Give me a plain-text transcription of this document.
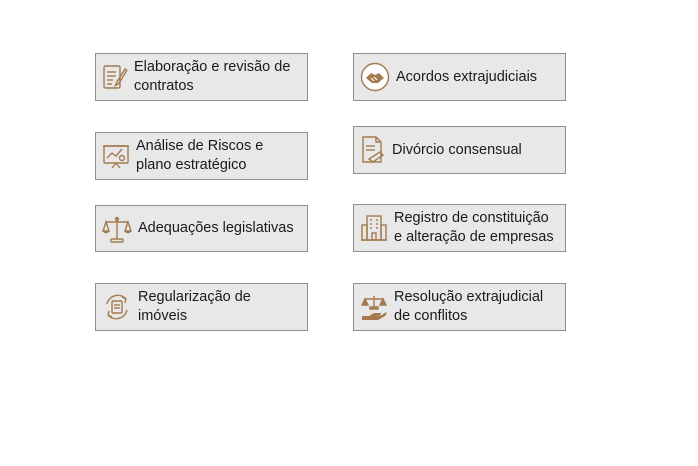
Elaboração e revisão de contratos
Análise de Riscos e plano estratégico
Adequações legislativas
Regularização de imóveis
Acordos extrajudiciais
Divórcio consensual
Registro de constituição e alteração de empresas
Resolução extrajudicial de conflitos
